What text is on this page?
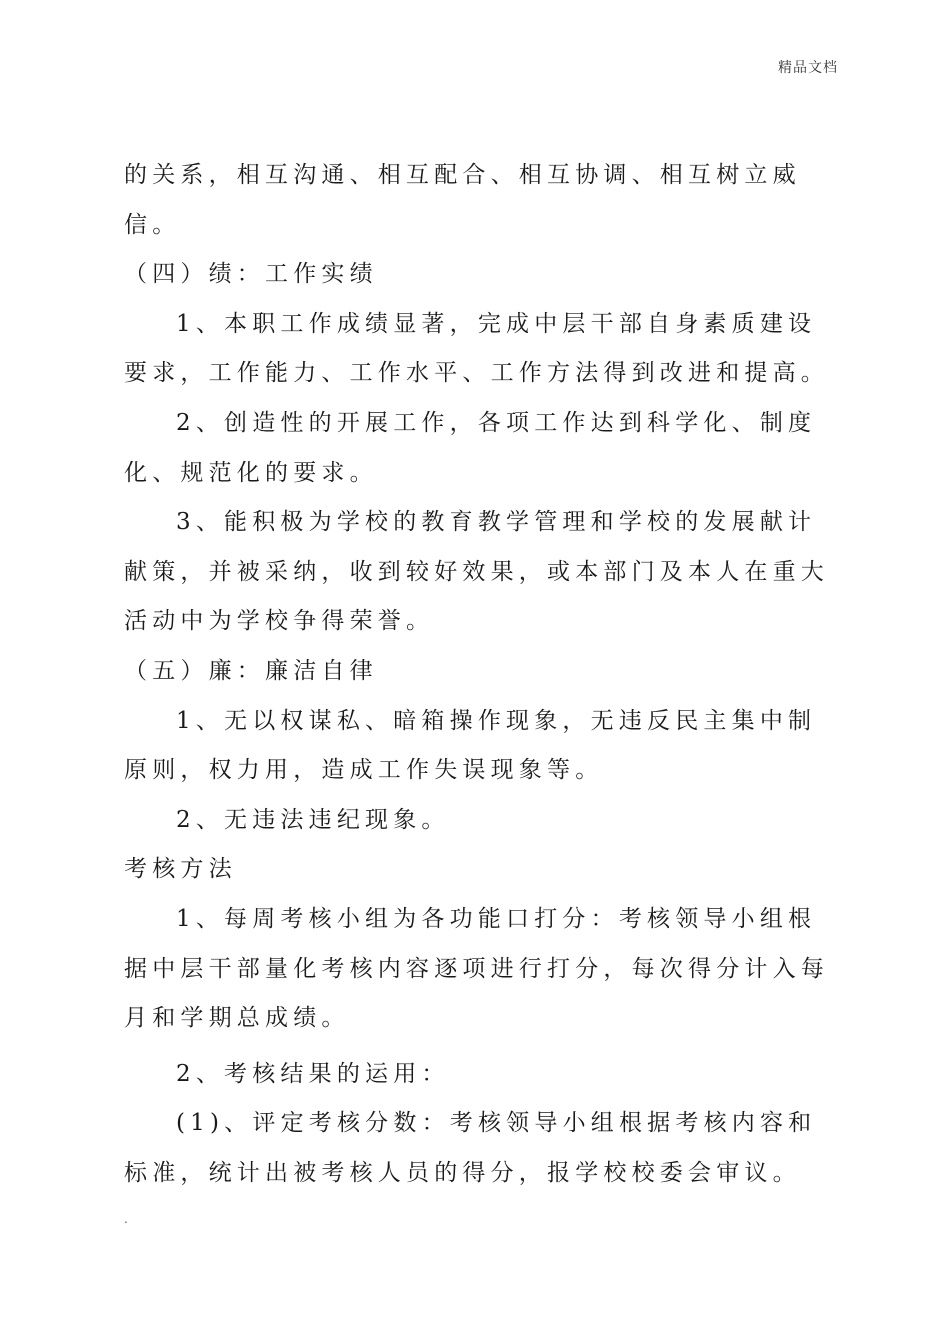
精品文档

的关系，相互沟通、相互配合、相互协调、相互树立威信。

（四）绩：工作实绩

1、本职工作成绩显著，完成中层干部自身素质建设要求，工作能力、工作水平、工作方法得到改进和提高。

2、创造性的开展工作，各项工作达到科学化、制度化、规范化的要求。

3、能积极为学校的教育教学管理和学校的发展献计献策，并被采纳，收到较好效果，或本部门及本人在重大活动中为学校争得荣誉。

（五）廉：廉洁自律

1、无以权谋私、暗箱操作现象，无违反民主集中制原则，权力用，造成工作失误现象等。

2、无违法违纪现象。

考核方法

1、每周考核小组为各功能口打分：考核领导小组根据中层干部量化考核内容逐项进行打分，每次得分计入每月和学期总成绩。

2、考核结果的运用：

(1)、评定考核分数：考核领导小组根据考核内容和标准，统计出被考核人员的得分，报学校校委会审议。

.
